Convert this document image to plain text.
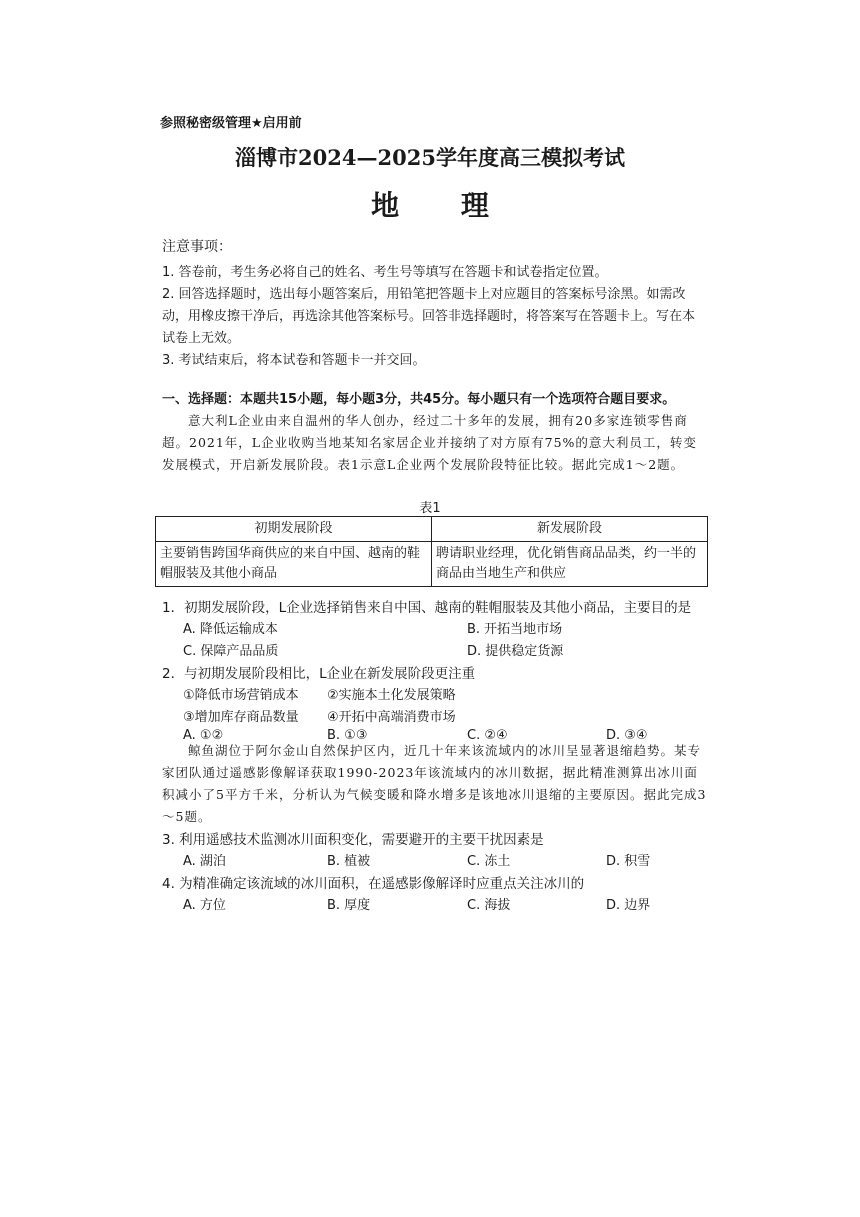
参照秘密级管理★启用前
淄博市2024—2025学年度高三模拟考试
地 理
注意事项：
1. 答卷前，考生务必将自己的姓名、考生号等填写在答题卡和试卷指定位置。
2. 回答选择题时，选出每小题答案后，用铅笔把答题卡上对应题目的答案标号涂黑。如需改动，用橡皮擦干净后，再选涂其他答案标号。回答非选择题时，将答案写在答题卡上。写在本试卷上无效。
3. 考试结束后，将本试卷和答题卡一并交回。
一、选择题：本题共15小题，每小题3分，共45分。每小题只有一个选项符合题目要求。
意大利L企业由来自温州的华人创办，经过二十多年的发展，拥有20多家连锁零售商超。2021年，L企业收购当地某知名家居企业并接纳了对方原有75%的意大利员工，转变发展模式，开启新发展阶段。表1示意L企业两个发展阶段特征比较。据此完成1～2题。
表1
初期发展阶段	新发展阶段
主要销售跨国华商供应的来自中国、越南的鞋帽服装及其他小商品	聘请职业经理，优化销售商品品类，约一半的商品由当地生产和供应
1．初期发展阶段，L企业选择销售来自中国、越南的鞋帽服装及其他小商品，主要目的是
A. 降低运输成本	B. 开拓当地市场
C. 保障产品品质	D. 提供稳定货源
2．与初期发展阶段相比，L企业在新发展阶段更注重
①降低市场营销成本 ②实施本土化发展策略
③增加库存商品数量 ④开拓中高端消费市场
A. ①②	B. ①③	C. ②④	D. ③④
鲸鱼湖位于阿尔金山自然保护区内，近几十年来该流域内的冰川呈显著退缩趋势。某专家团队通过遥感影像解译获取1990-2023年该流域内的冰川数据，据此精准测算出冰川面积减小了5平方千米，分析认为气候变暖和降水增多是该地冰川退缩的主要原因。据此完成3～5题。
3. 利用遥感技术监测冰川面积变化，需要避开的主要干扰因素是
A. 湖泊	B. 植被	C. 冻土	D. 积雪
4. 为精准确定该流域的冰川面积，在遥感影像解译时应重点关注冰川的
A. 方位	B. 厚度	C. 海拔	D. 边界
